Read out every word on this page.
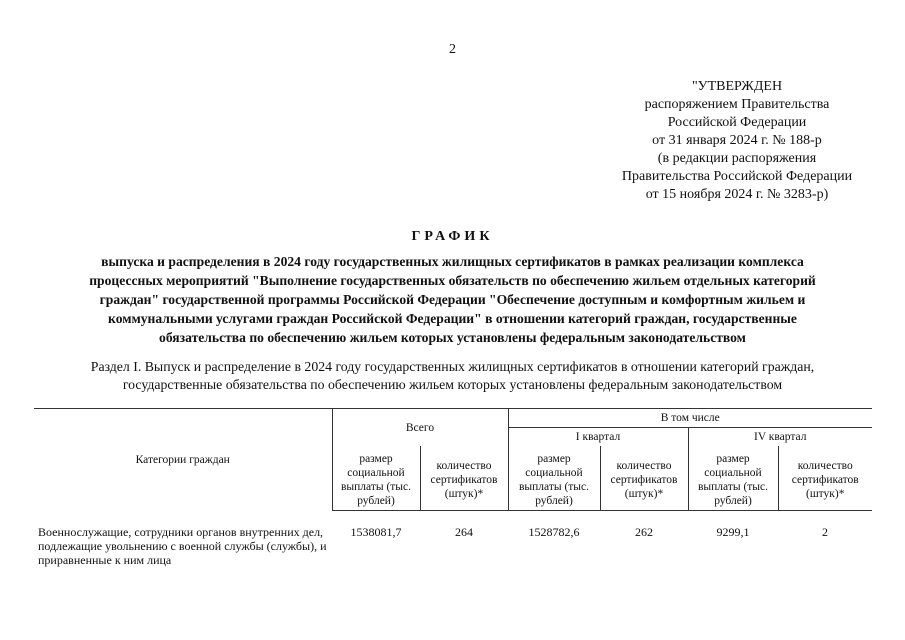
2
"УТВЕРЖДЕН
распоряжением Правительства
Российской Федерации
от 31 января 2024 г. № 188-р
(в редакции распоряжения
Правительства Российской Федерации
от 15 ноября 2024 г. № 3283-р)
ГРАФИК
выпуска и распределения в 2024 году государственных жилищных сертификатов в рамках реализации комплекса
процессных мероприятий "Выполнение государственных обязательств по обеспечению жильем отдельных категорий
граждан" государственной программы Российской Федерации "Обеспечение доступным и комфортным жильем и
коммунальными услугами граждан Российской Федерации" в отношении категорий граждан, государственные
обязательства по обеспечению жильем которых установлены федеральным законодательством
Раздел I. Выпуск и распределение в 2024 году государственных жилищных сертификатов в отношении категорий граждан,
государственные обязательства по обеспечению жильем которых установлены федеральным законодательством
Категории граждан	Всего		В том числе			
			I квартал		IV квартал	
	размер социальной выплаты (тыс. рублей)	количество сертификатов (штук)*	размер социальной выплаты (тыс. рублей)	количество сертификатов (штук)*	размер социальной выплаты (тыс. рублей)	количество сертификатов (штук)*
Военнослужащие, сотрудники органов внутренних дел, подлежащие увольнению с военной службы (службы), и приравненные к ним лица	1538081,7	264	1528782,6	262	9299,1	2
